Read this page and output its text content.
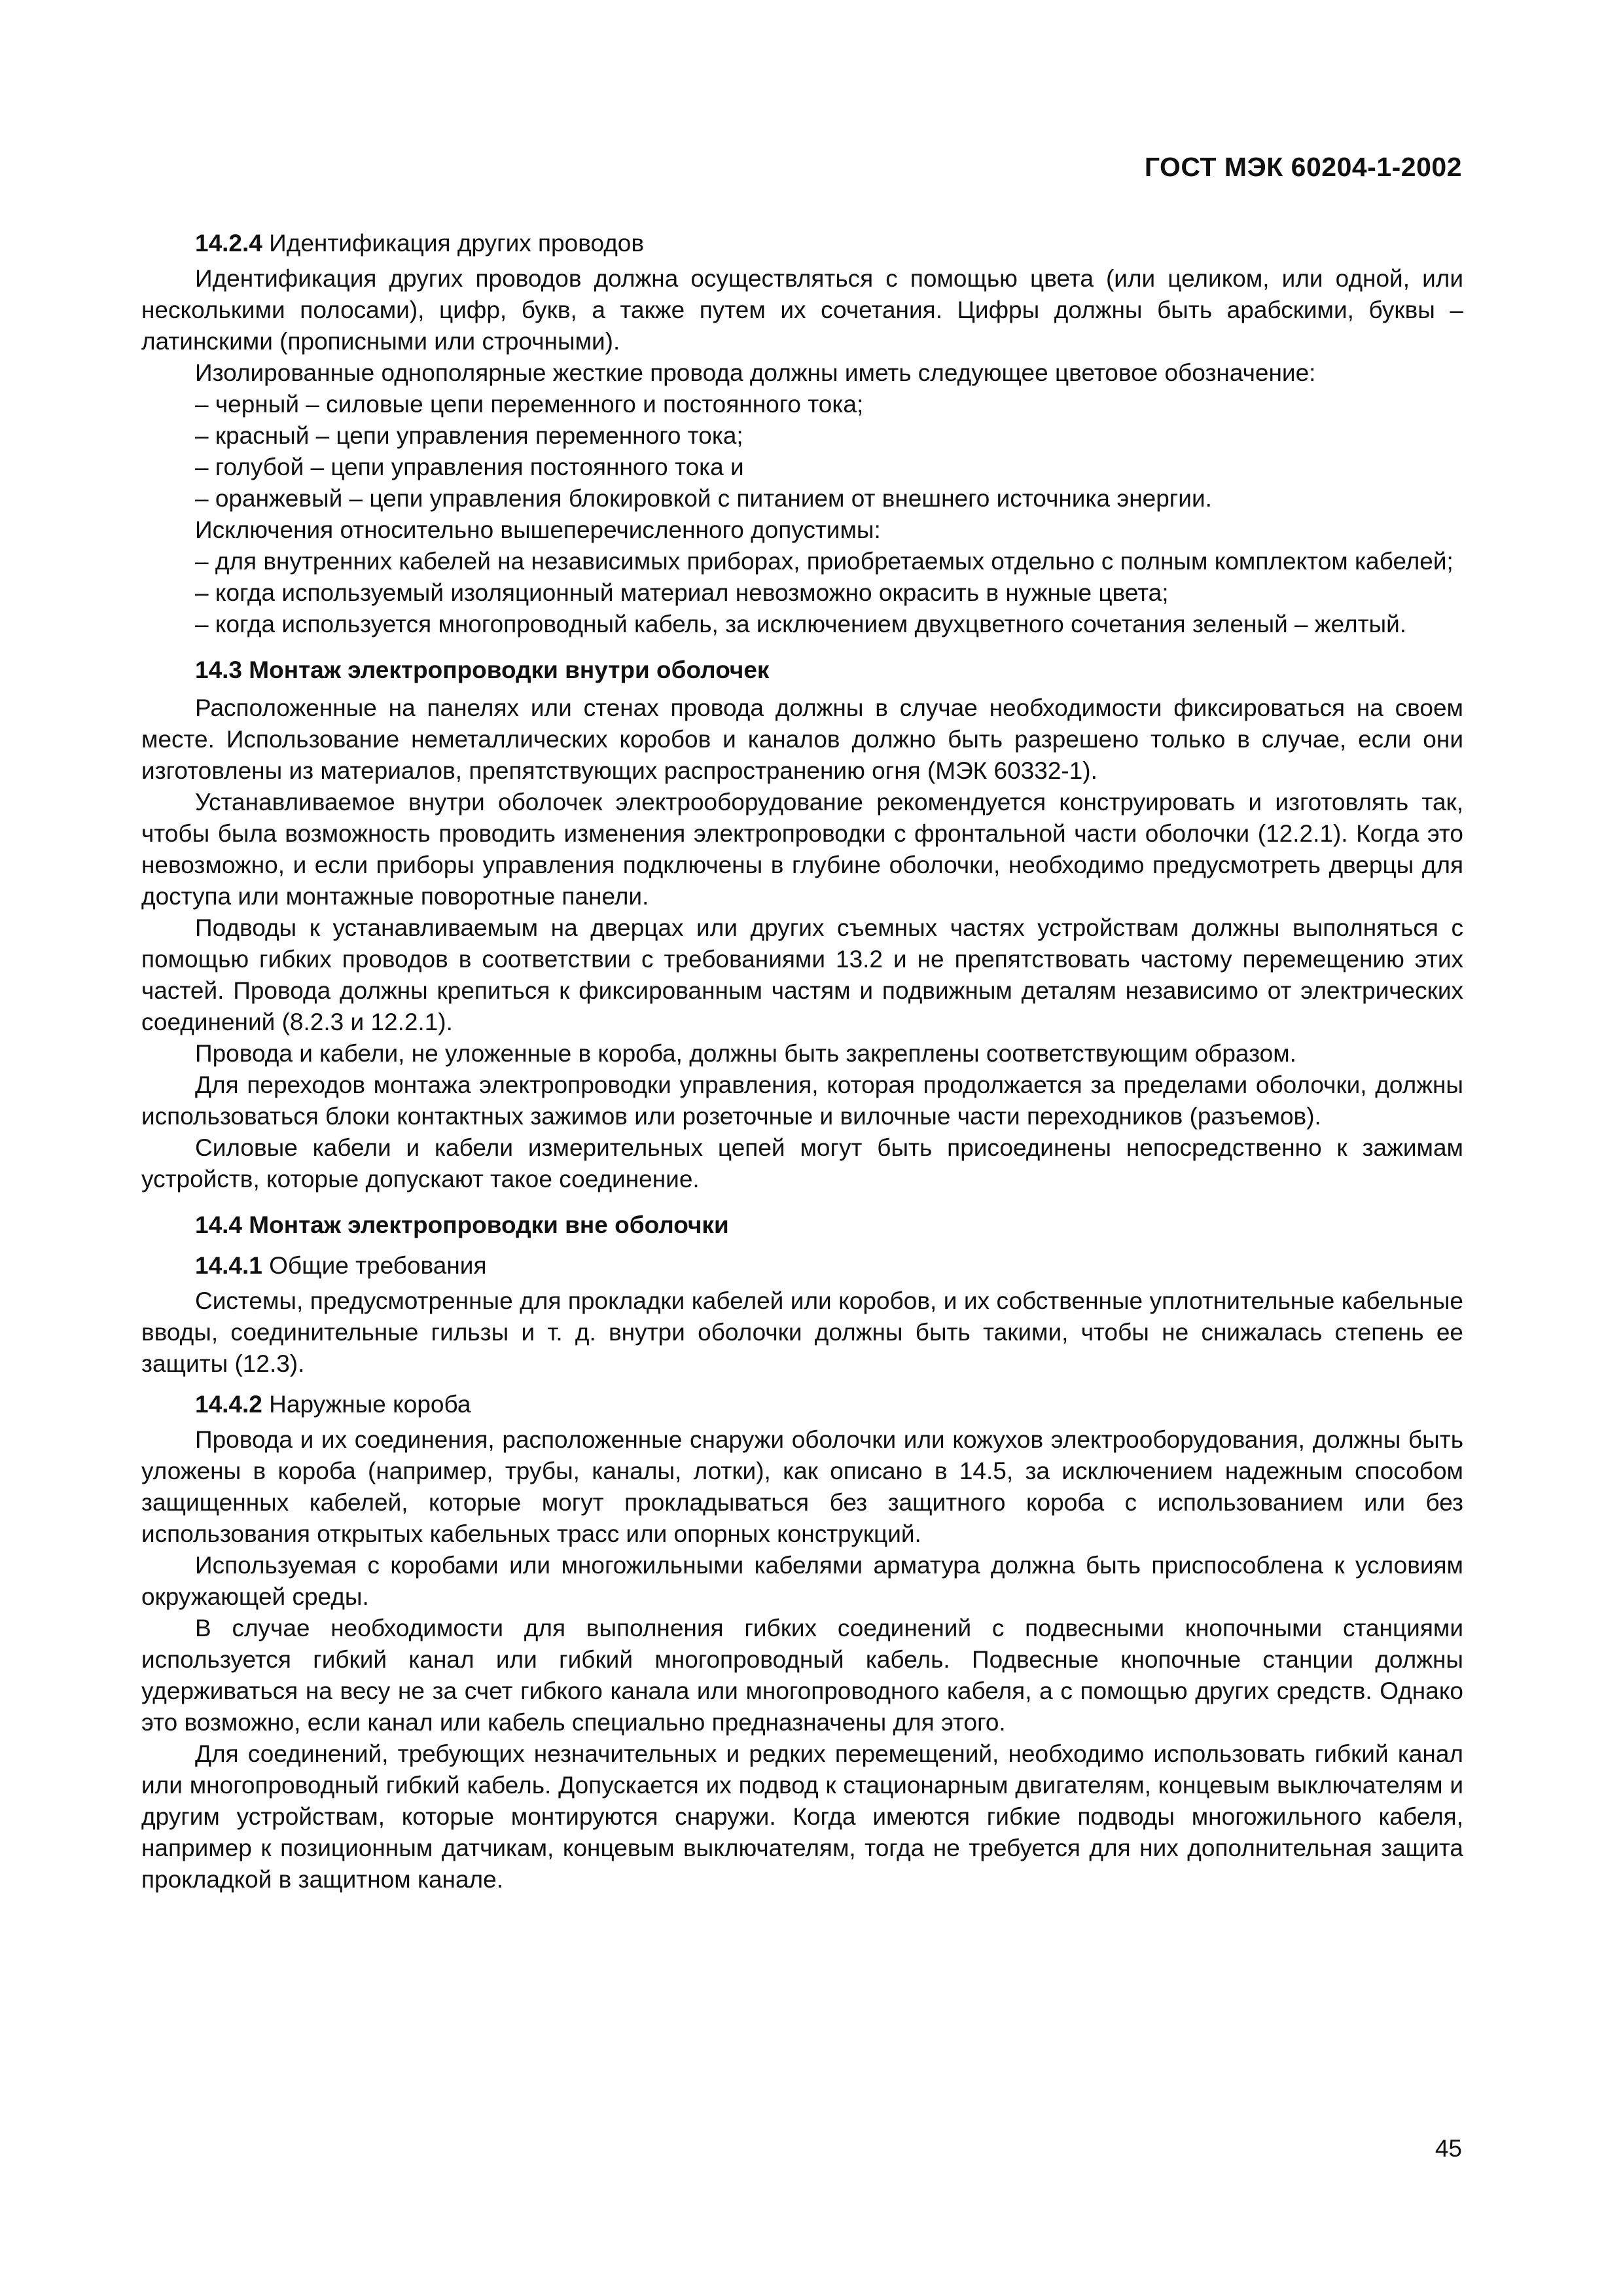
ГОСТ МЭК 60204-1-2002
14.2.4 Идентификация других проводов

Идентификация других проводов должна осуществляться с помощью цвета (или целиком, или одной, или несколькими полосами), цифр, букв, а также путем их сочетания. Цифры должны быть арабскими, буквы – латинскими (прописными или строчными).

Изолированные однополярные жесткие провода должны иметь следующее цветовое обозначение:

– черный – силовые цепи переменного и постоянного тока;

– красный – цепи управления переменного тока;

– голубой – цепи управления постоянного тока и

– оранжевый – цепи управления блокировкой с питанием от внешнего источника энергии.

Исключения относительно вышеперечисленного допустимы:

– для внутренних кабелей на независимых приборах, приобретаемых отдельно с полным комплектом кабелей;

– когда используемый изоляционный материал невозможно окрасить в нужные цвета;

– когда используется многопроводный кабель, за исключением двухцветного сочетания зеленый – желтый.

14.3 Монтаж электропроводки внутри оболочек

Расположенные на панелях или стенах провода должны в случае необходимости фиксироваться на своем месте. Использование неметаллических коробов и каналов должно быть разрешено только в случае, если они изготовлены из материалов, препятствующих распространению огня (МЭК 60332-1).

Устанавливаемое внутри оболочек электрооборудование рекомендуется конструировать и изготовлять так, чтобы была возможность проводить изменения электропроводки с фронтальной части оболочки (12.2.1). Когда это невозможно, и если приборы управления подключены в глубине оболочки, необходимо предусмотреть дверцы для доступа или монтажные поворотные панели.

Подводы к устанавливаемым на дверцах или других съемных частях устройствам должны выполняться с помощью гибких проводов в соответствии с требованиями 13.2 и не препятствовать частому перемещению этих частей. Провода должны крепиться к фиксированным частям и подвижным деталям независимо от электрических соединений (8.2.3 и 12.2.1).

Провода и кабели, не уложенные в короба, должны быть закреплены соответствующим образом.

Для переходов монтажа электропроводки управления, которая продолжается за пределами оболочки, должны использоваться блоки контактных зажимов или розеточные и вилочные части переходников (разъемов).

Силовые кабели и кабели измерительных цепей могут быть присоединены непосредственно к зажимам устройств, которые допускают такое соединение.

14.4 Монтаж электропроводки вне оболочки
14.4.1 Общие требования

Системы, предусмотренные для прокладки кабелей или коробов, и их собственные уплотнительные кабельные вводы, соединительные гильзы и т. д. внутри оболочки должны быть такими, чтобы не снижалась степень ее защиты (12.3).

14.4.2 Наружные короба

Провода и их соединения, расположенные снаружи оболочки или кожухов электрооборудования, должны быть уложены в короба (например, трубы, каналы, лотки), как описано в 14.5, за исключением надежным способом защищенных кабелей, которые могут прокладываться без защитного короба с использованием или без использования открытых кабельных трасс или опорных конструкций.

Используемая с коробами или многожильными кабелями арматура должна быть приспособлена к условиям окружающей среды.

В случае необходимости для выполнения гибких соединений с подвесными кнопочными станциями используется гибкий канал или гибкий многопроводный кабель. Подвесные кнопочные станции должны удерживаться на весу не за счет гибкого канала или многопроводного кабеля, а с помощью других средств. Однако это возможно, если канал или кабель специально предназначены для этого.

Для соединений, требующих незначительных и редких перемещений, необходимо использовать гибкий канал или многопроводный гибкий кабель. Допускается их подвод к стационарным двигателям, концевым выключателям и другим устройствам, которые монтируются снаружи. Когда имеются гибкие подводы многожильного кабеля, например к позиционным датчикам, концевым выключателям, тогда не требуется для них дополнительная защита прокладкой в защитном канале.

45
